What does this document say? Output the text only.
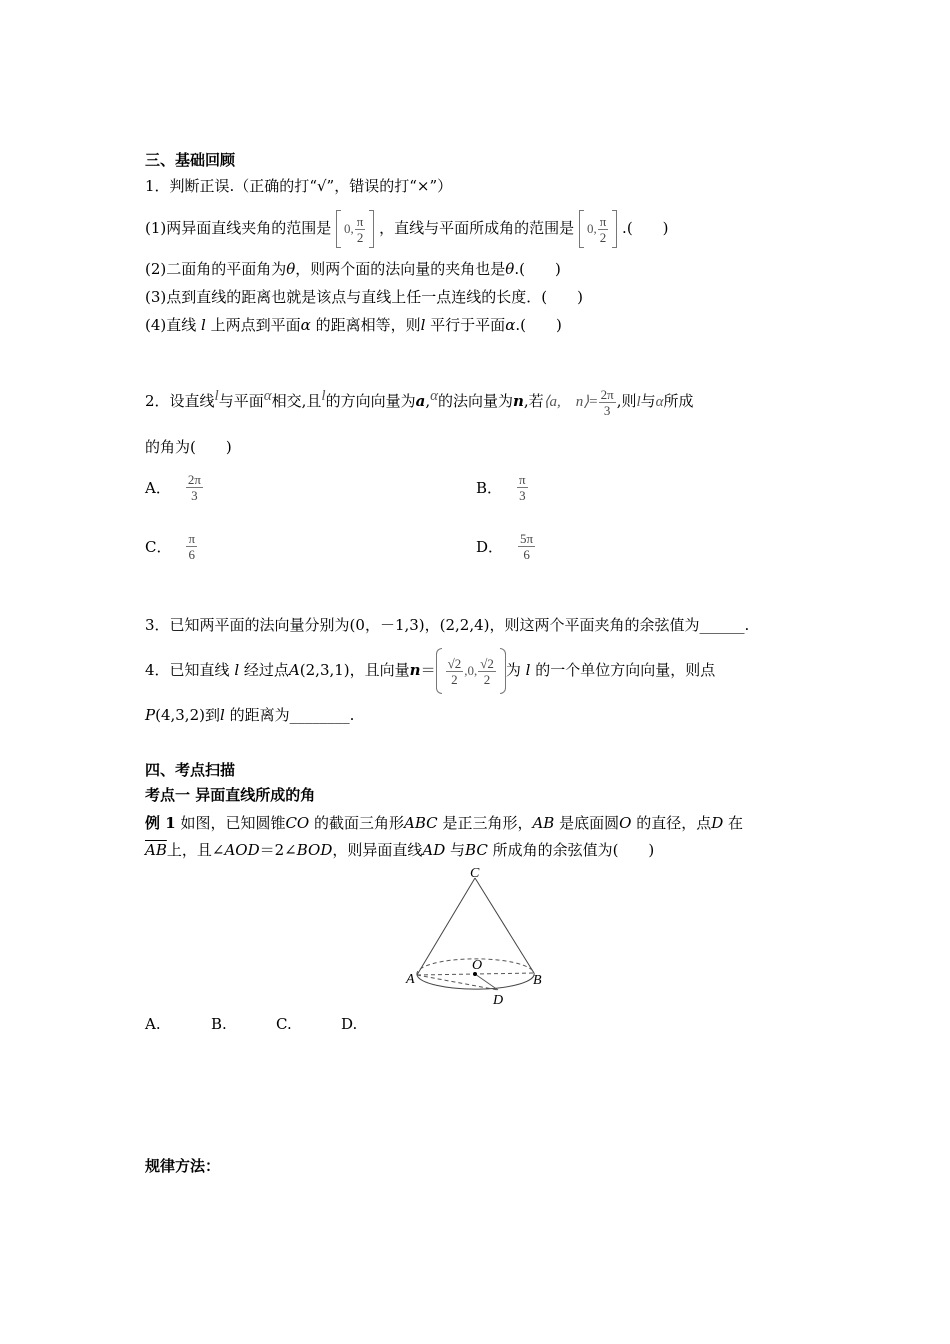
三、基础回顾
1．判断正误.（正确的打“√”，错误的打“×”）
(1)两异面直线夹角的范围是 0, $\frac{\pi}{2}$ ，直线与平面所成角的范围是 0, $\frac{\pi}{2}$ .(　　)
(2)二面角的平面角为θ，则两个面的法向量的夹角也是θ.(　　)
(3)点到直线的距离也就是该点与直线上任一点连线的长度．(　　)
(4)直线 l 上两点到平面α 的距离相等，则l 平行于平面α.(　　)
2．设直线l与平面α相交,且l的方向向量为a,α的法向量为n,若⟨a,　n⟩= $\frac{2\pi}{3}$ ,则l与α所成
的角为(　　)
A． $\frac{2\pi}{3}$	B． $\frac{\pi}{3}$
C． $\frac{\pi}{6}$	D． $\frac{5\pi}{6}$
3．已知两平面的法向量分别为(0，－1,3)，(2,2,4)，则这两个平面夹角的余弦值为______.
4．已知直线 l 经过点A(2,3,1)，且向量$n= \frac{√2}{2} ,0$, $\frac{√2}{2}$ 为 l 的一个单位方向向量，则点
P(4,3,2)到l 的距离为________.
四、考点扫描
考点一 异面直线所成的角
例 1 如图，已知圆锥CO 的截面三角形ABC 是正三角形，AB 是底面圆O 的直径，点D 在
$\overline{AB}$上，且∠AOD＝2∠BOD，则异面直线AD 与BC 所成角的余弦值为(　　)
C
O
A	B
D
A.	B.	C.	D.
规律方法：
